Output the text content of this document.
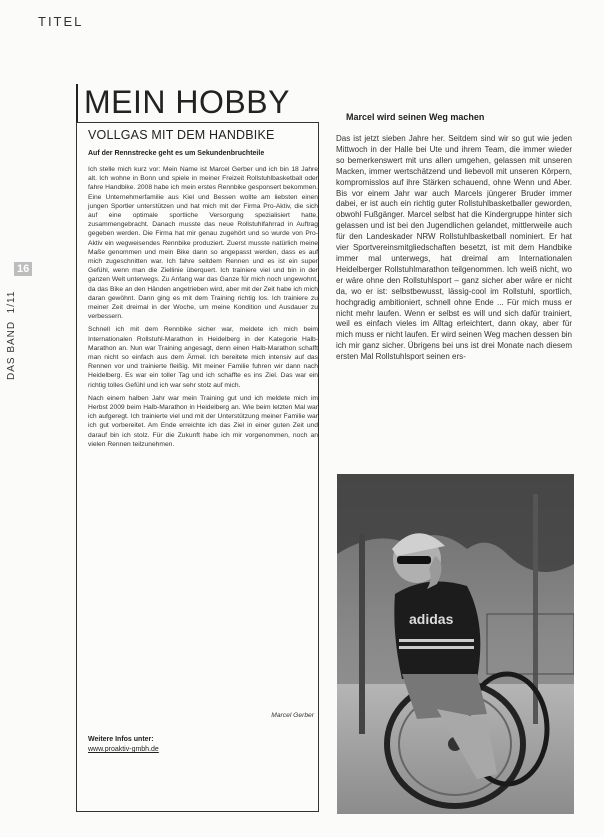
TITEL
DAS BAND  1/11
16
MEIN HOBBY
VOLLGAS MIT DEM HANDBIKE
Auf der Rennstrecke geht es um Sekundenbruchteile

Ich stelle mich kurz vor: Mein Name ist Marcel Gerber und ich bin 18 Jahre alt. Ich wohne in Bonn und spiele in meiner Freizeit Rollstuhlbasketball oder fahre Handbike. 2008 habe ich mein erstes Rennbike gesponsert bekommen. Eine Unternehmerfamilie aus Kiel und Bessen wollte am liebsten einen jungen Sportler unterstützen und hat mich mit der Firma Pro-Aktiv, die sich auf eine optimale sportliche Versorgung spezialisiert hatte, zusammengebracht. Danach musste das neue Rollstuhlfahrrad in Auftrag gegeben werden. Die Firma hat mir genau zugehört und so wurde von Pro-Aktiv ein wegweisendes Rennbike produziert. Zuerst musste natürlich meine Maße genommen und mein Bike dann so angepasst werden, dass es auf mich zugeschnitten war. Ich fahre seitdem Rennen und es ist ein super Gefühl, wenn man die Ziellinie überquert. Ich trainiere viel und bin in der ganzen Welt unterwegs. Zu Anfang war das Ganze für mich noch ungewohnt, da das Bike an den Händen angetrieben wird, aber mit der Zeit habe ich mich daran gewöhnt. Dann ging es mit dem Training richtig los. Ich trainiere zu meiner Zeit dreimal in der Woche, um meine Kondition und Ausdauer zu verbessern.

Schnell ich mit dem Rennbike sicher war, meldete ich mich beim Internationalen Rollstuhl-Marathon in Heidelberg in der Kategorie Halb-Marathon an. Nun war Training angesagt, denn einen Halb-Marathon schafft man nicht so einfach aus dem Ärmel. Ich bereitete mich intensiv auf das Rennen vor und trainierte fleißig. Mit meiner Familie fuhren wir dann nach Heidelberg. Es war ein toller Tag und ich schaffte es ins Ziel. Das war ein richtig tolles Gefühl und ich war sehr stolz auf mich.

Nach einem halben Jahr war mein Training gut und ich meldete mich im Herbst 2009 beim Halb-Marathon in Heidelberg an. Wie beim letzten Mal war ich aufgeregt. Ich trainierte viel und mit der Unterstützung meiner Familie war ich gut vorbereitet. Am Ende erreichte ich das Ziel in einer guten Zeit und darauf bin ich stolz. Für die Zukunft habe ich mir vorgenommen, noch an vielen Rennen teilzunehmen.

Marcel Gerber
Weitere Infos unter:
www.proaktiv-gmbh.de
Marcel wird seinen Weg machen

Das ist jetzt sieben Jahre her. Seitdem sind wir so gut wie jeden Mittwoch in der Halle bei Ute und ihrem Team, die immer wieder so bemerkenswert mit uns allen umgehen, gelassen mit unseren Macken, immer wertschätzend und liebevoll mit unseren Körpern, kompromisslos auf ihre Stärken schauend, ohne Wenn und Aber. Bis vor einem Jahr war auch Marcels jüngerer Bruder immer dabei, er ist auch ein richtig guter Rollstuhlbasketballer geworden, obwohl Fußgänger. Marcel selbst hat die Kindergruppe hinter sich gelassen und ist bei den Jugendlichen gelandet, mittlerweile auch für den Landeskader NRW Rollstuhlbasketball nominiert. Er hat vier Sportvereinsmitgliedschaften besetzt, ist mit dem Handbike immer mal unterwegs, hat dreimal am Internationalen Heidelberger Rollstuhlmarathon teilgenommen. Ich weiß nicht, wo er wäre ohne den Rollstuhlsport – ganz sicher aber wäre er nicht da, wo er ist: selbstbewusst, lässig-cool im Rollstuhl, sportlich, hochgradig ambitioniert, schnell ohne Ende ... Für mich muss er nicht mehr laufen. Wenn er selbst es will und sich dafür trainiert, weil es einfach vieles im Alltag erleichtert, dann okay, aber für mich muss er nicht laufen. Er wird seinen Weg machen dessen bin ich mir ganz sicher. Übrigens bei uns ist drei Monate nach diesem ersten Mal Rollstuhlsport seinen ers-

adidas
